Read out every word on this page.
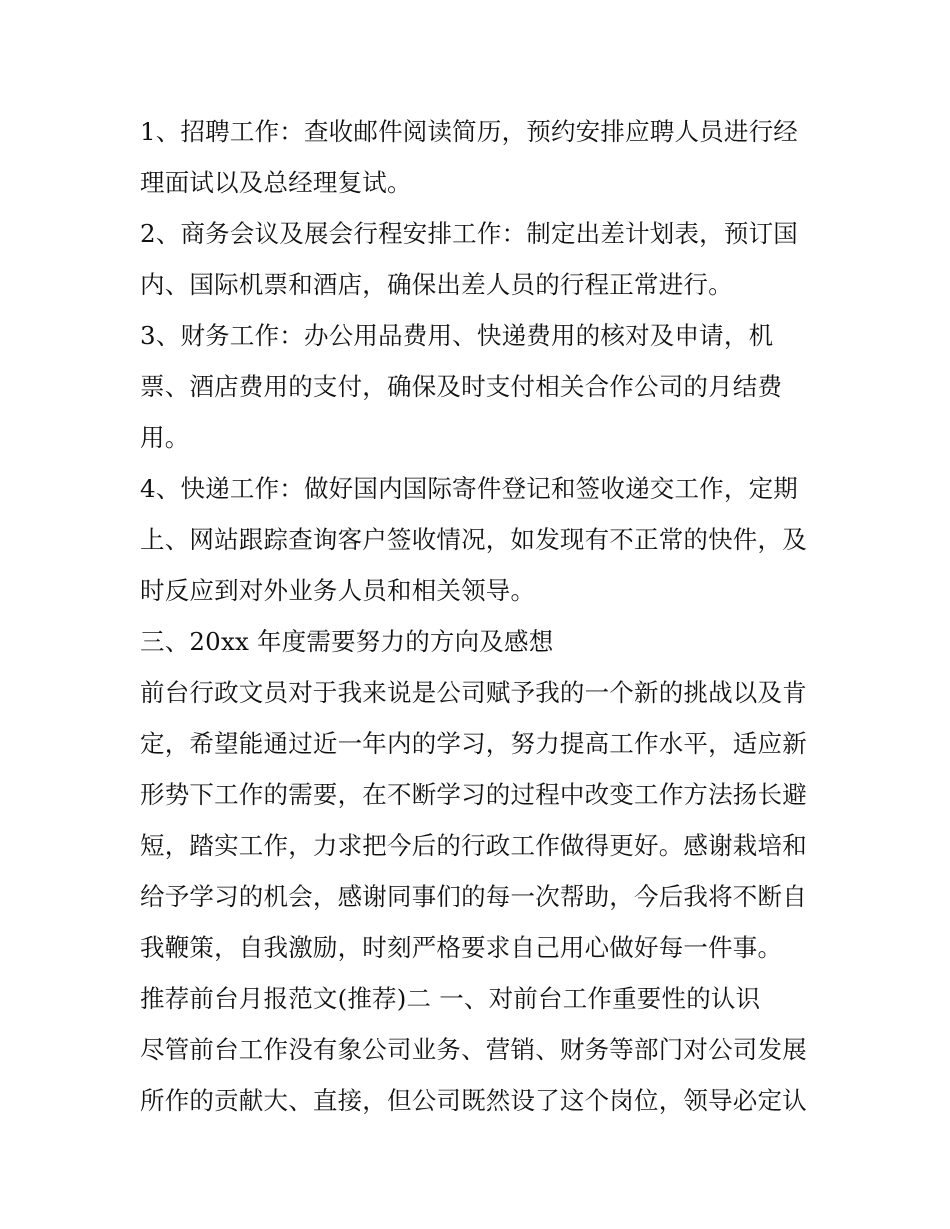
1、招聘工作：查收邮件阅读简历，预约安排应聘人员进行经
理面试以及总经理复试。
2、商务会议及展会行程安排工作：制定出差计划表，预订国
内、国际机票和酒店，确保出差人员的行程正常进行。
3、财务工作：办公用品费用、快递费用的核对及申请，机
票、酒店费用的支付，确保及时支付相关合作公司的月结费
用。
4、快递工作：做好国内国际寄件登记和签收递交工作，定期
上、网站跟踪查询客户签收情况，如发现有不正常的快件，及
时反应到对外业务人员和相关领导。
三、20xx 年度需要努力的方向及感想
前台行政文员对于我来说是公司赋予我的一个新的挑战以及肯
定，希望能通过近一年内的学习，努力提高工作水平，适应新
形势下工作的需要，在不断学习的过程中改变工作方法扬长避
短，踏实工作，力求把今后的行政工作做得更好。感谢栽培和
给予学习的机会，感谢同事们的每一次帮助，今后我将不断自
我鞭策，自我激励，时刻严格要求自己用心做好每一件事。
推荐前台月报范文(推荐)二 一、对前台工作重要性的认识
尽管前台工作没有象公司业务、营销、财务等部门对公司发展
所作的贡献大、直接，但公司既然设了这个岗位，领导必定认
